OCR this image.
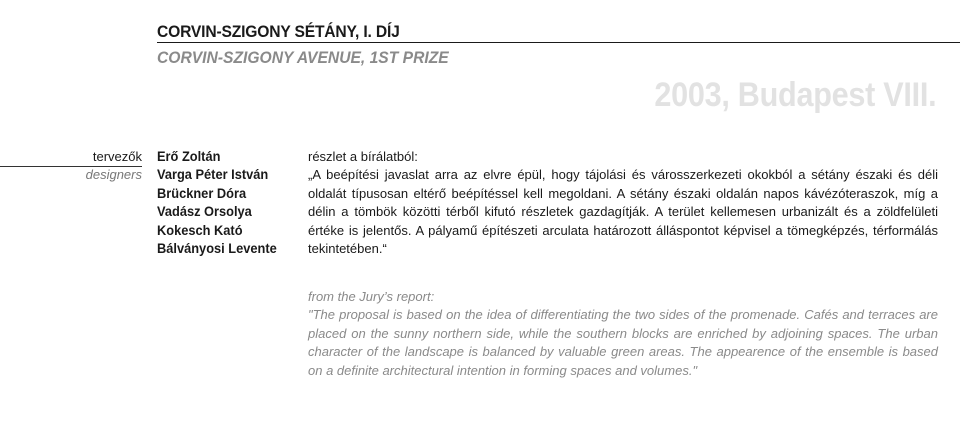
CORVIN-SZIGONY SÉTÁNY, I. DÍJ
CORVIN-SZIGONY AVENUE, 1ST PRIZE
2003, Budapest VIII.
tervezők
designers
Erő Zoltán
Varga Péter István
Brückner Dóra
Vadász Orsolya
Kokesch Kató
Bálványosi Levente
részlet a bírálatból:
„A beépítési javaslat arra az elvre épül, hogy tájolási és városszerkezeti okokból a sétány északi és déli oldalát típusosan eltérő beépítéssel kell megoldani. A sétány északi oldalán napos kávézóteraszok, míg a délin a tömbök közötti térből kifutó részletek gazdagítják. A terület kellemesen urbanizált és a zöldfelületi értéke is jelentős. A pályamű építészeti arculata határozott álláspontot képvisel a tömegképzés, térformálás tekintetében.“
from the Jury’s report:
"The proposal is based on the idea of differentiating the two sides of the promenade. Cafés and terraces are placed on the sunny northern side, while the southern blocks are enriched by adjoining spaces. The urban character of the landscape is balanced by valuable green areas. The appearence of the ensemble is based on a definite architectural intention in forming spaces and volumes."
